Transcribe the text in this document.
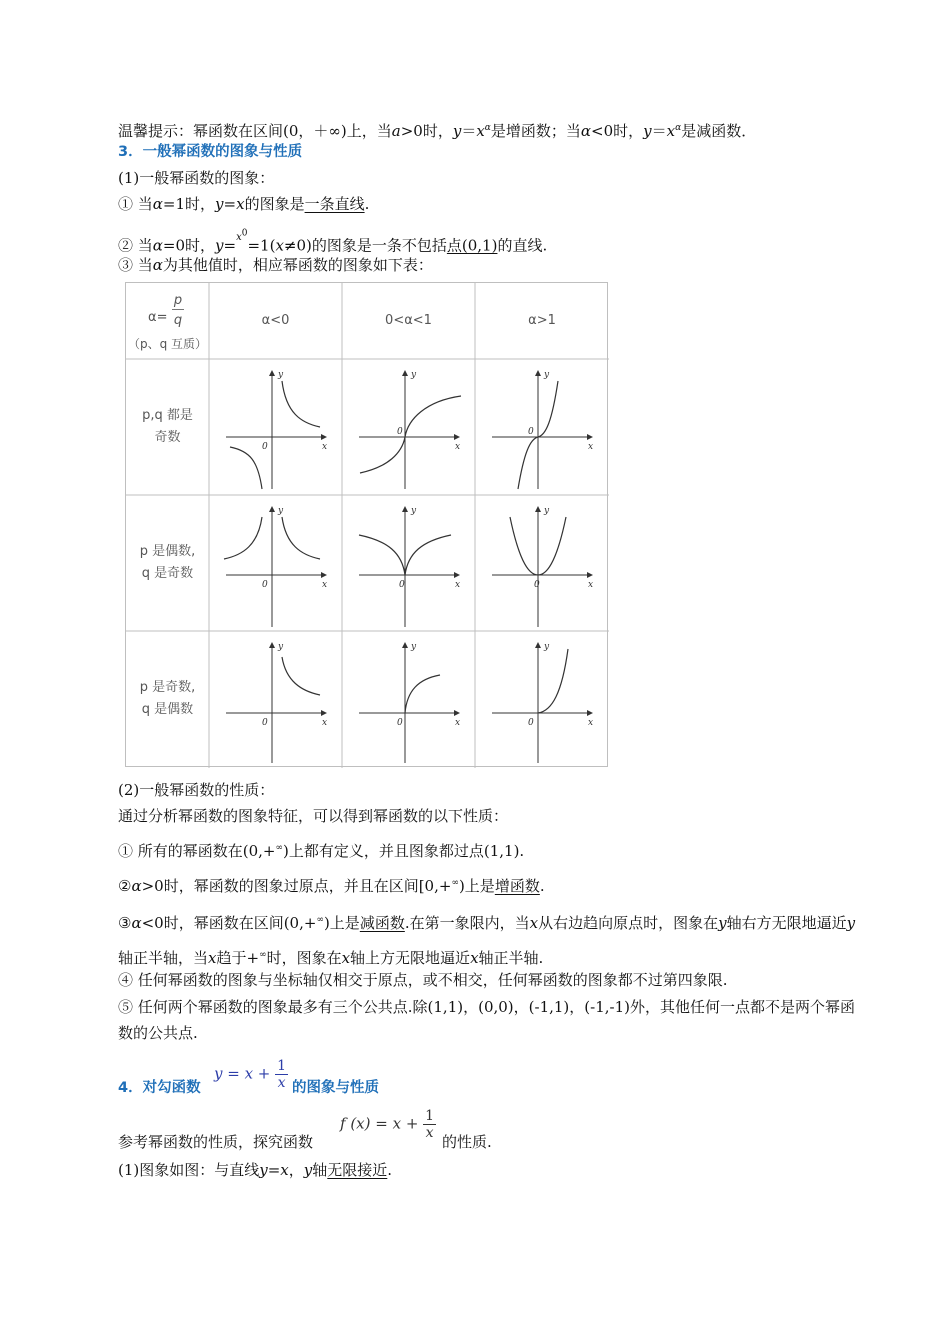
温馨提示：幂函数在区间(0，＋∞)上，当a>0时，$y=x^\alpha$是增函数；当α<0时，$y=x^\alpha$是减函数．
3．一般幂函数的图象与性质
(1)一般幂函数的图象：
① 当α=1时，y=x的图象是一条直线.
② 当α=0时，y=$^{x^0}$=1(x≠0)的图象是一条不包括点(0,1)的直线.
③ 当α为其他值时，相应幂函数的图象如下表：
α=
p
q
（p、q 互质）
α<0	0<α<1	α>1
p,q 都是
奇数
p 是偶数,
q 是奇数
p 是奇数,
q 是偶数
y
x
0
y
x
0
y
x
0
y
x
0
y
x
0
y
x
0
y
x
0
y
x
0
y
x
0
(2)一般幂函数的性质：
通过分析幂函数的图象特征，可以得到幂函数的以下性质：
① 所有的幂函数在(0,+∞)上都有定义，并且图象都过点(1,1).
②α>0时，幂函数的图象过原点，并且在区间[0,+∞)上是增函数.
③α<0时，幂函数在区间(0,+∞)上是减函数.在第一象限内，当x从右边趋向原点时，图象在y轴右方无限地逼近y轴正半轴，当x趋于+∞时，图象在x轴上方无限地逼近x轴正半轴.
④ 任何幂函数的图象与坐标轴仅相交于原点，或不相交，任何幂函数的图象都不过第四象限.
⑤ 任何两个幂函数的图象最多有三个公共点.除(1,1)，(0,0)，(-1,1)，(-1,-1)外，其他任何一点都不是两个幂函数的公共点.
4．对勾函数
$y = x + \frac{1}{x}$ 的图象与性质
参考幂函数的性质，探究函数
f $(x) = x + \frac{1}{x}$
的性质.
(1)图象如图：与直线y=x，y轴无限接近.
